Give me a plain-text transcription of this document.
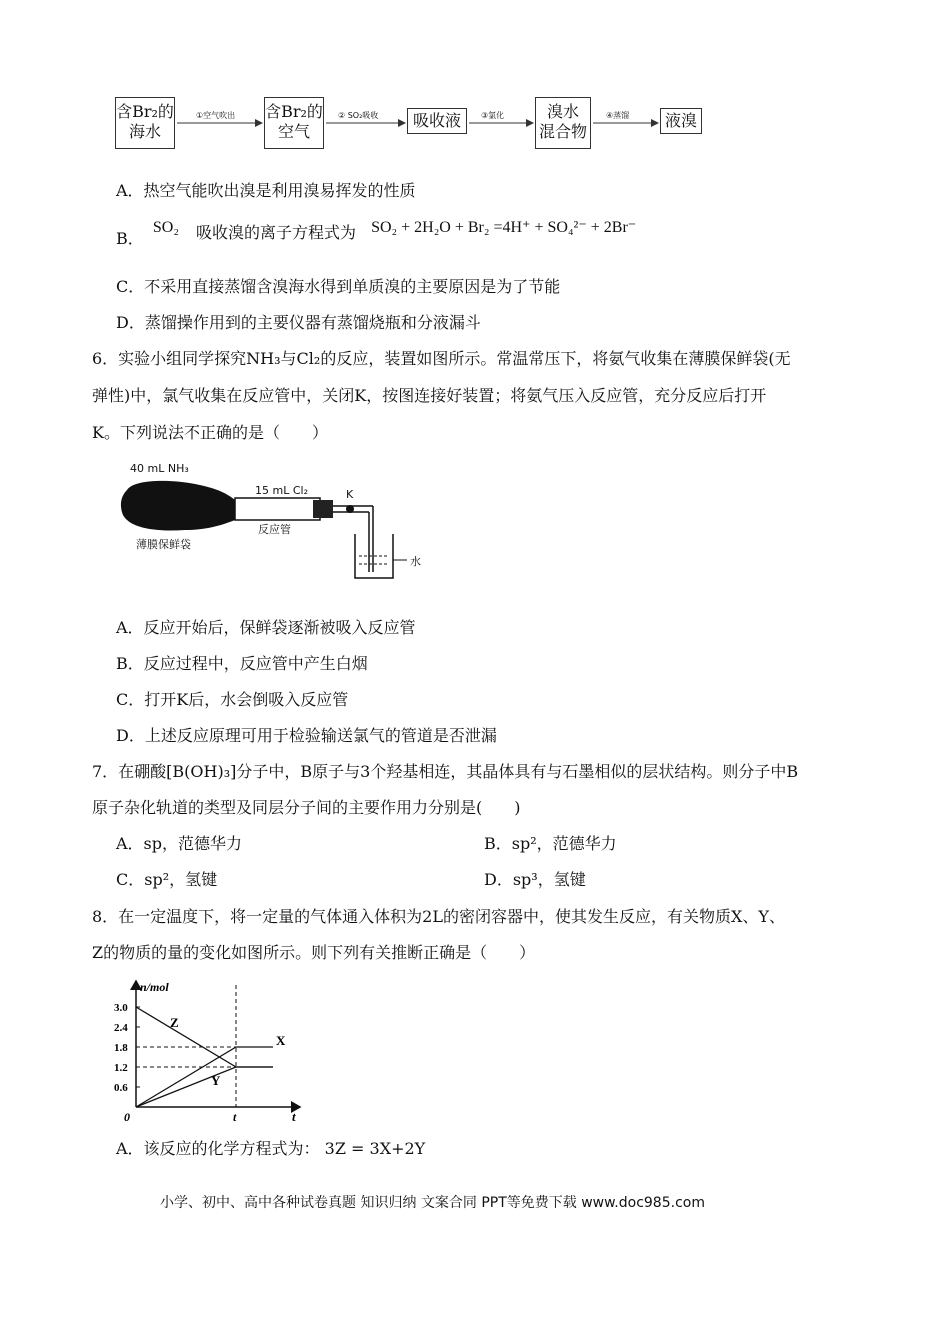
含Br₂的
海水
含Br₂的
空气
吸收液	溴水
混合物
液溴
①空气吹出	② SO₂吸收	③氯化	④蒸馏
A．热空气能吹出溴是利用溴易挥发的性质
B． SO₂ 吸收溴的离子方程式为 SO₂ + 2H₂O + Br₂ =4H⁺ + SO₄²⁻ + 2Br⁻
C．不采用直接蒸馏含溴海水得到单质溴的主要原因是为了节能
D．蒸馏操作用到的主要仪器有蒸馏烧瓶和分液漏斗
6．实验小组同学探究NH₃与Cl₂的反应，装置如图所示。常温常压下，将氨气收集在薄膜保鲜袋(无
弹性)中，氯气收集在反应管中，关闭K，按图连接好装置；将氨气压入反应管，充分反应后打开
K。下列说法不正确的是（　　）
40 mL NH₃
15 mL Cl₂	K
反应管
薄膜保鲜袋
水
A．反应开始后，保鲜袋逐渐被吸入反应管
B．反应过程中，反应管中产生白烟
C．打开K后，水会倒吸入反应管
D．上述反应原理可用于检验输送氯气的管道是否泄漏
7．在硼酸[B(OH)₃]分子中，B原子与3个羟基相连，其晶体具有与石墨相似的层状结构。则分子中B
原子杂化轨道的类型及同层分子间的主要作用力分别是(　　)
A．sp，范德华力	B．sp²，范德华力
C．sp²，氢键	D．sp³，氢键
8．在一定温度下，将一定量的气体通入体积为2L的密闭容器中，使其发生反应，有关物质X、Y、
Z的物质的量的变化如图所示。则下列有关推断正确是（　　）
3.0
2.4
1.8
1.2
0.6
Z
X
Y
n/mol
0	t	t
A．该反应的化学方程式为： 3Z = 3X+2Y
小学、初中、高中各种试卷真题 知识归纳 文案合同 PPT等免费下载 www.doc985.com
